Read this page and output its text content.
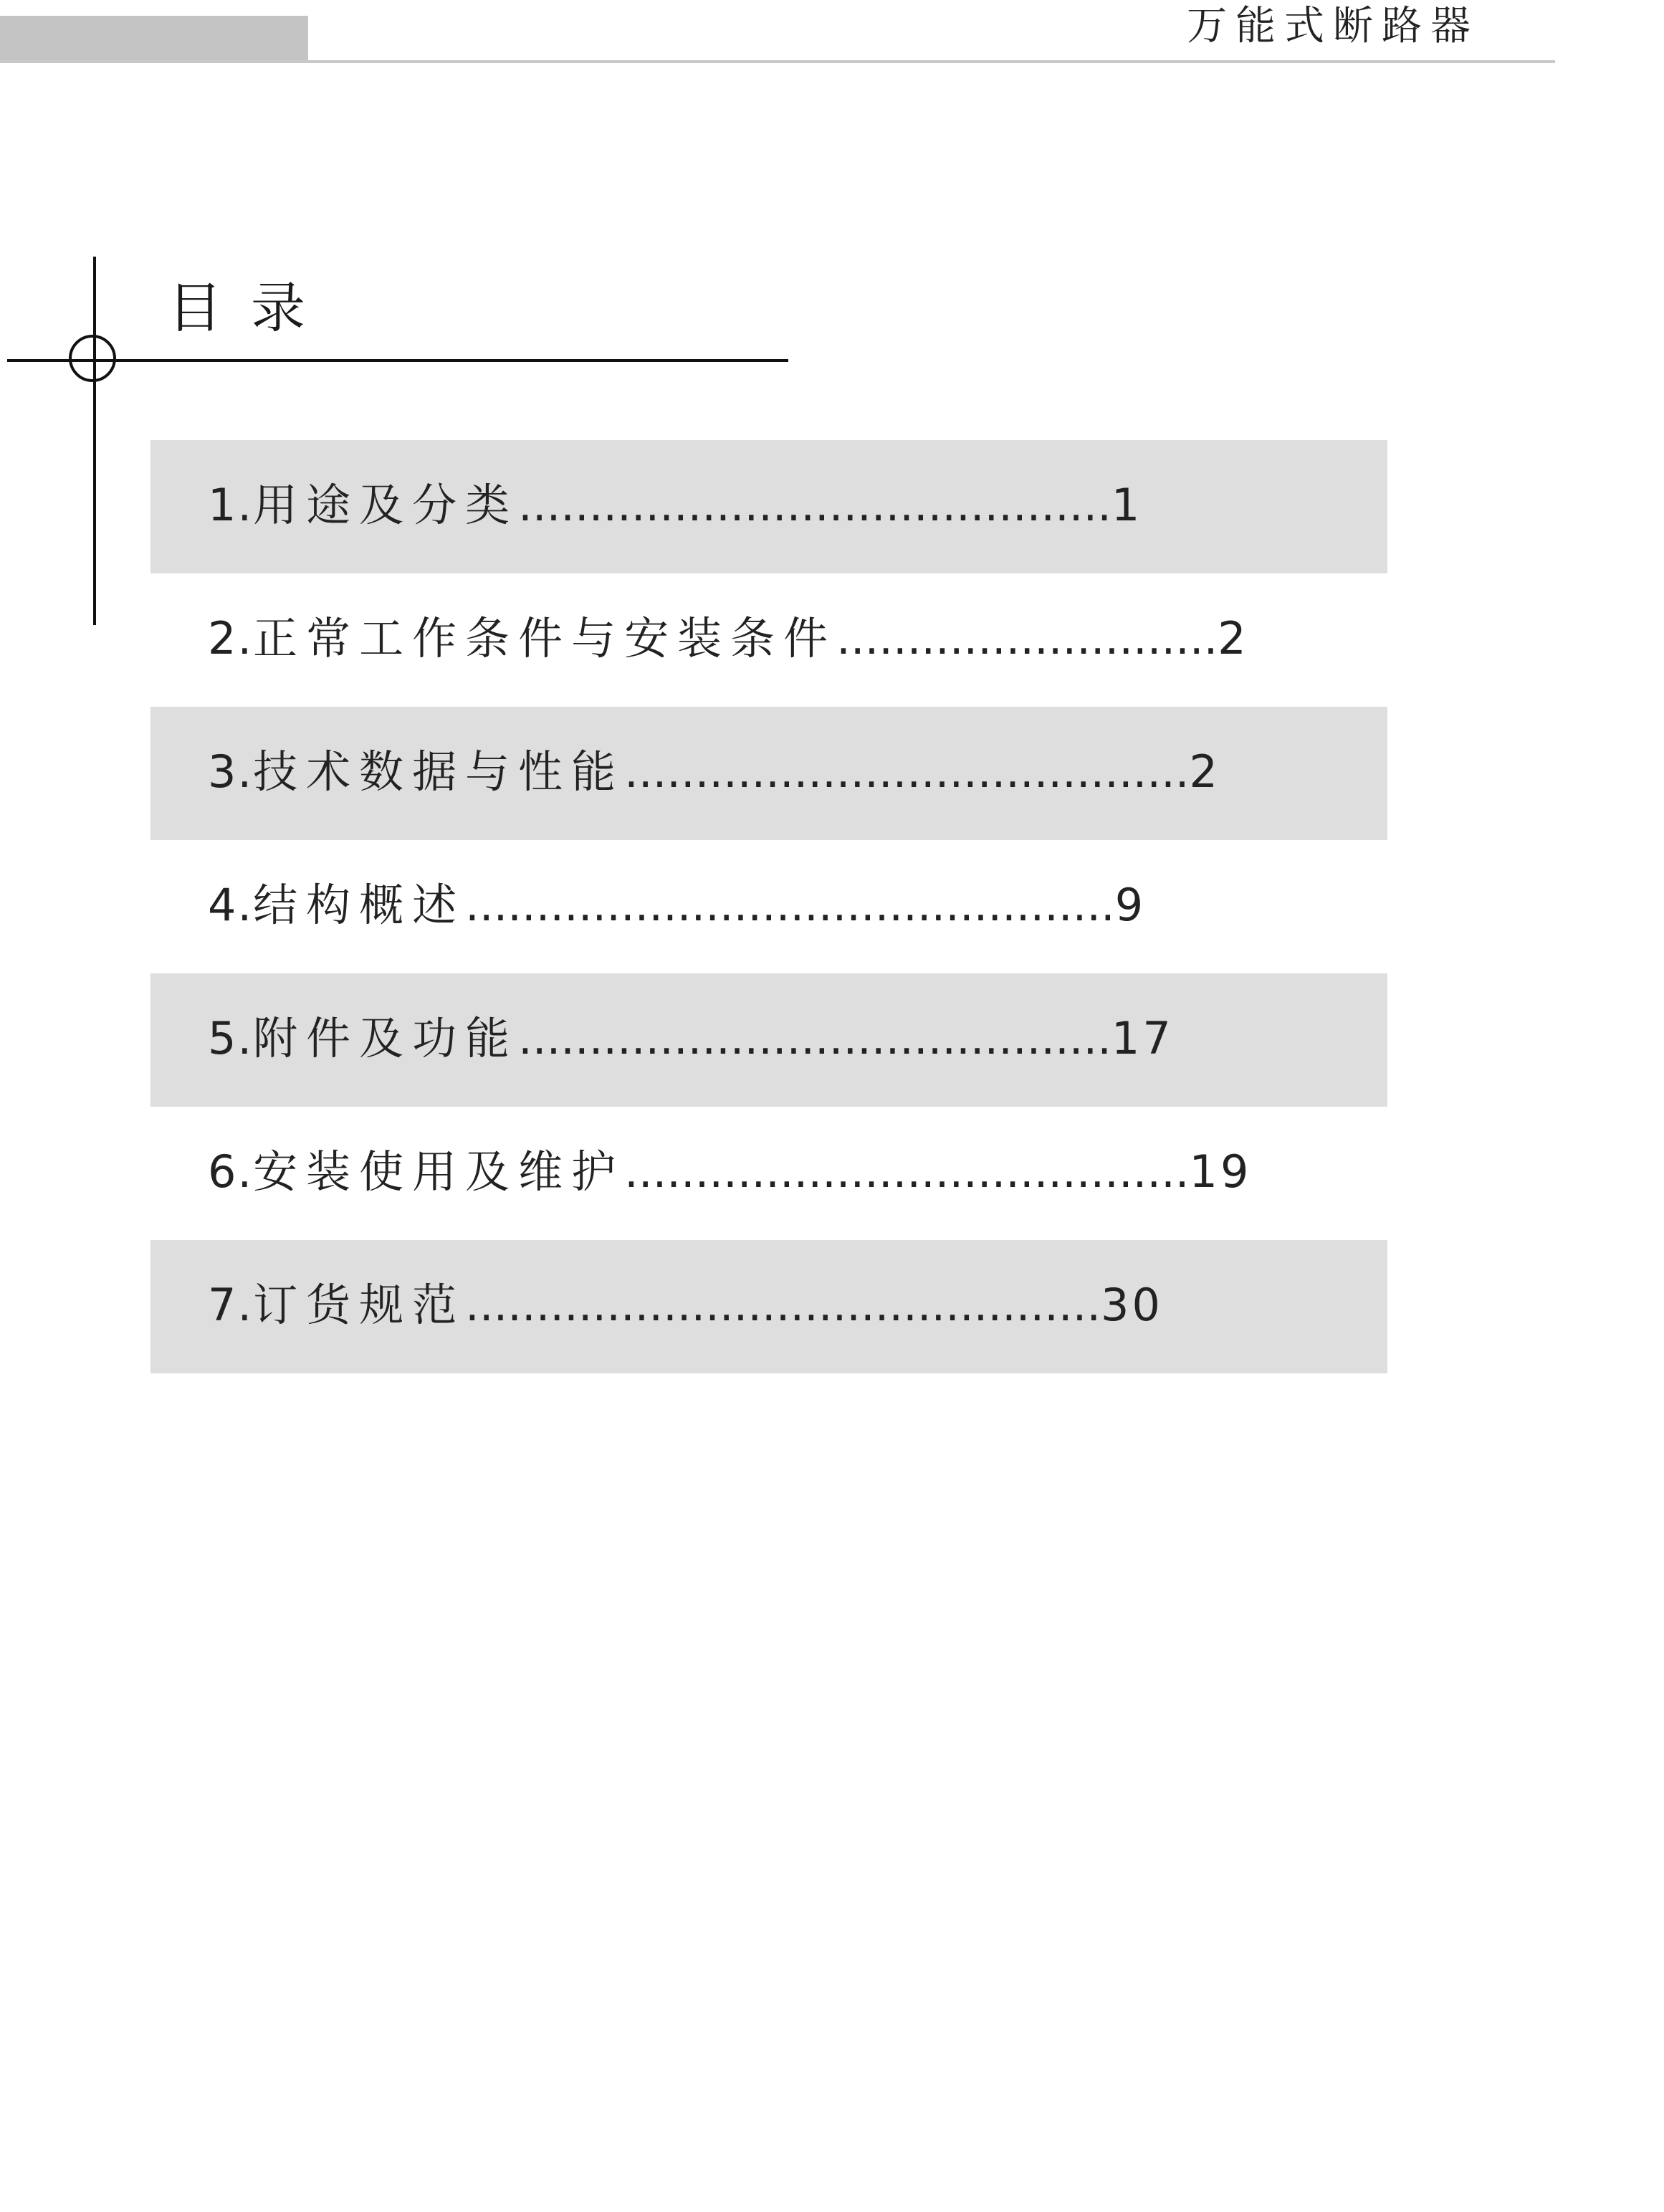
万能式断路器
目录
1.用途及分类..........................................1
2.正常工作条件与安装条件...........................2
3.技术数据与性能........................................2
4.结构概述..............................................9
5.附件及功能..........................................17
6.安装使用及维护........................................19
7.订货规范.............................................30
